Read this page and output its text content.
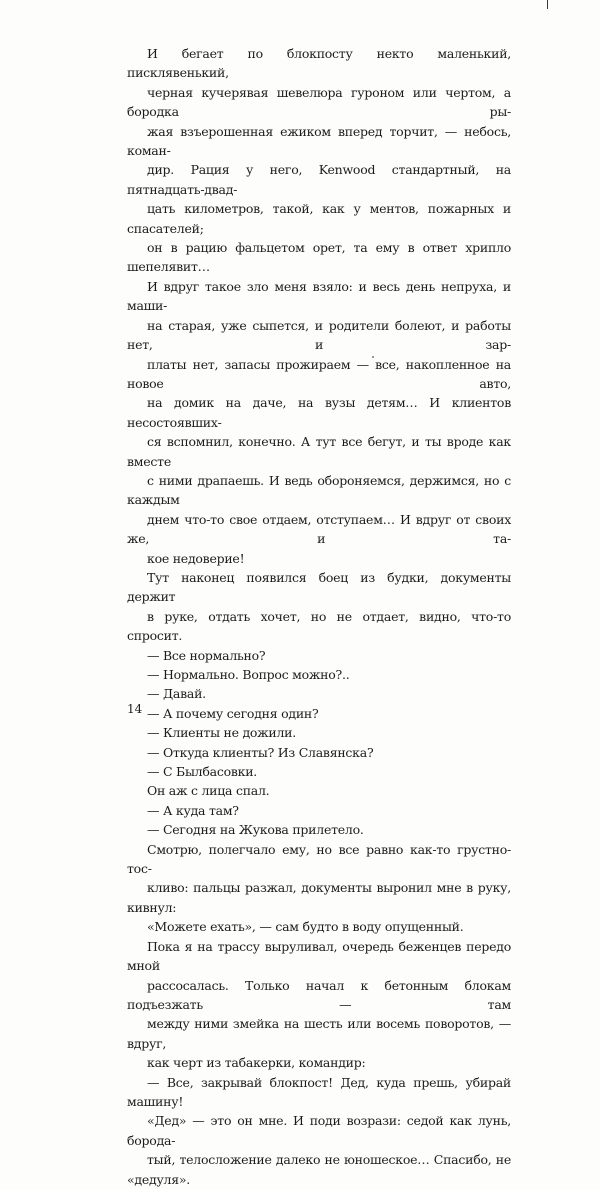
И бегает по блокпосту некто маленький, писклявенький,
черная кучерявая шевелюра гуроном или чертом, а бородка ры-
жая взъерошенная ежиком вперед торчит, — небось, коман-
дир. Рация у него, Kenwood стандартный, на пятнадцать-двад-
цать километров, такой, как у ментов, пожарных и спасателей;
он в рацию фальцетом орет, та ему в ответ хрипло шепелявит…

И вдруг такое зло меня взяло: и весь день непруха, и маши-
на старая, уже сыпется, и родители болеют, и работы нет, и зар-
платы нет, запасы прожираем — все, накопленное на новое авто,
на домик на даче, на вузы детям… И клиентов несостоявших-
ся вспомнил, конечно. А тут все бегут, и ты вроде как вместе
с ними драпаешь. И ведь обороняемся, держимся, но с каждым
днем что-то свое отдаем, отступаем… И вдруг от своих же, и та-
кое недоверие!

Тут наконец появился боец из будки, документы держит
в руке, отдать хочет, но не отдает, видно, что-то спросит.

— Все нормально?

— Нормально. Вопрос можно?..

— Давай.

— А почему сегодня один?

— Клиенты не дожили.

— Откуда клиенты? Из Славянска?

— С Былбасовки.

Он аж с лица спал.

— А куда там?

— Сегодня на Жукова прилетело.

Смотрю, полегчало ему, но все равно как-то грустно-тос-
кливо: пальцы разжал, документы выронил мне в руку, кивнул:
«Можете ехать», — сам будто в воду опущенный.

Пока я на трассу выруливал, очередь беженцев передо мной
рассосалась. Только начал к бетонным блокам подъезжать — там
между ними змейка на шесть или восемь поворотов, — вдруг,
как черт из табакерки, командир:

— Все, закрывай блокпост! Дед, куда прешь, убирай машину!

«Дед» — это он мне. И поди возрази: седой как лунь, борода-
тый, телосложение далеко не юношеское… Спасибо, не «дедуля».

14
